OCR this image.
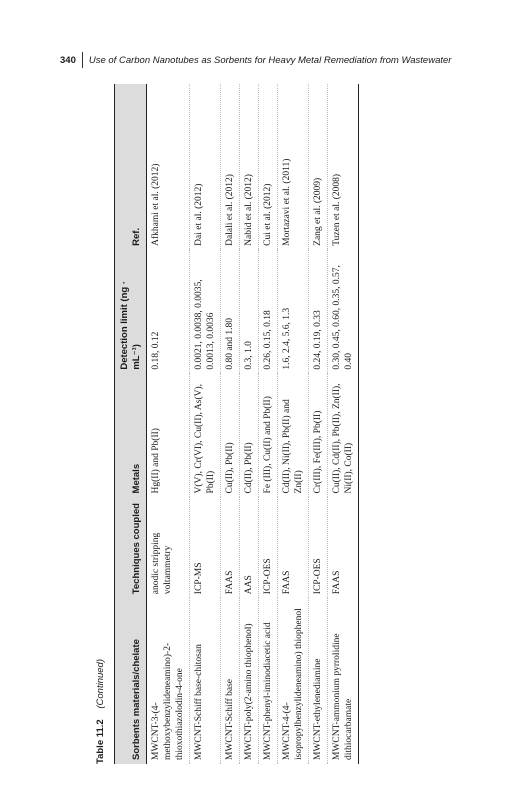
340	Use of Carbon Nanotubes as Sorbents for Heavy Metal Remediation from Wastewater
Table 11.2 (Continued)	Sorbents materials/chelate	Techniques coupled	Metals	Detection limit (ng · mL⁻¹)	Ref.
MWCNT-3-(4-methoxybenzylideneamino)-2-thioxothiazolodin-4-one	anodic stripping voltammetry	Hg(II) and Pb(II)	0.18, 0.12	Afkhami et al. (2012)
MWCNT-Schiff base-chitosan	ICP-MS	V(V), Cr(VI), Cu(II), As(V), Pb(II)	0.0021, 0.0038, 0.0035, 0.0013, 0.0036	Dai et al. (2012)
MWCNT-Schiff base	FAAS	Cu(II), Pb(II)	0.80 and 1.80	Dalali et al. (2012)
MWCNT-poly(2-amino thiophenol)	AAS	Cd(II), Pb(II)	0.3, 1.0	Nabid et al. (2012)
MWCNT-phenyl-iminodiacetic acid	ICP-OES	Fe (III), Cu(II) and Pb(II)	0.26, 0.15, 0.18	Cui et al. (2012)
MWCNT-4-(4-isopropylbenzylideneamino) thiophenol	FAAS	Cd(II), Ni(II), Pb(II) and Zn(II)	1.6, 2.4, 5.6, 1.3	Mortazavi et al. (2011)
MWCNT-ethylenediamine	ICP-OES	Cr(III), Fe(III), Pb(II)	0.24, 0.19, 0.33	Zang et al. (2009)
MWCNT-ammonium pyrrolidine dithiocarbamate	FAAS	Cu(II), Cd(II), Pb(II), Zn(II), Ni(II), Co(II)	0.30, 0.45, 0.60, 0.35, 0.57, 0.40	Tuzen et al. (2008)
